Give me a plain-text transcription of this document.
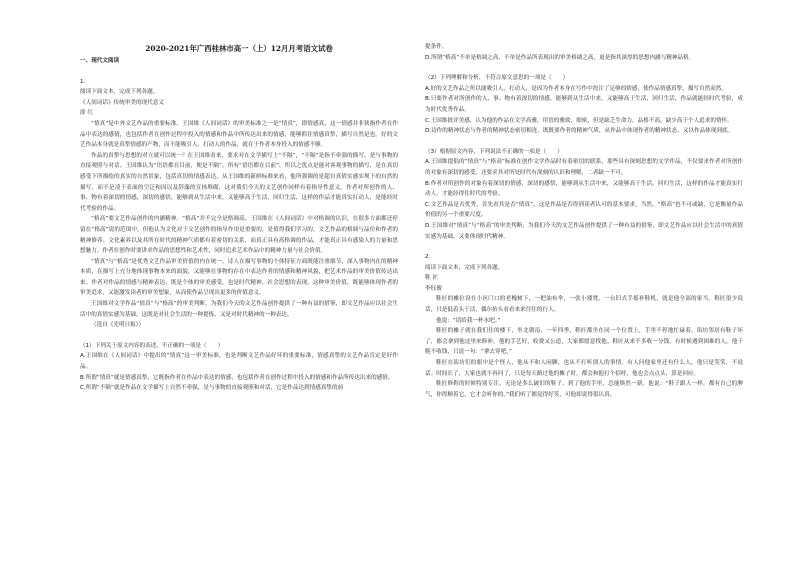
2020-2021年广西桂林市高一（上）12月月考语文试卷

一、现代文阅读

1.

阅读下面文本，完成下列各题。

《人间词话》传统审美的现代意义

薛 红

“情真”是中外文艺作品的重要标准。王国维《人间词话》的审美标准之一是“情真”，即情感真。这一情感并非狭指作者在作品中表达的感情，也包括作者在创作过程中投入的情感和作品中所传达出来的情感，能够抓住情感真挚，描写自然是也。好的文艺作品本身就是真挚情感的产物，而不能吸引人、打动人的作品，就在于作者本身投入的情感不够。

作品的真挚与思想的对立就可以统一？在王国维看来，要求对在文学描写上“不隔”，“不隔”是指不牵强的描写，是与事物的直接观照与对话。王国维认为“语语都在目前，便是不隔”，所有“语语都在目前”，所以之优点是能对客观事物的描写，是在真切感受下所描绘的真实的自然景象，包括真切的情感表达，从王国维的新鲜标准来看，他所强调的是超自真情实感实现下的自然的描写，而不是凌于表面的空泛和因以及辞藻的宣扬堆砌，这对我们今天的文艺创作同样有着指导性意义。作者对所创作的人、事、物有着深切的情感，深切的感悟，能够到从生活中来，又能够高于生活，回归生活，这样的作品才能真实打动人，是能经时代考验的作品。

“格高”要文艺作品创作的内涵精神。“格高”并不完全是格调高，王国维在《人间词话》中对格调的认识，在很多方面都还停留在“格高”说的范围中，但他认为文化对于文艺创作的指导作用是重要的，是值得我们学习的，文艺作品的格调与品位和作者的精神修养、文化素养以及其所在时代的精神气质都有着密切的关系，而真正具有高格调的作品，才能真正具有感染人的力量和思想魅力。作者在创作时要讲求作品的思想性和艺术性，同时追求艺术作品中的精神力量与社会价值。

“情真”与“格高”是优秀文艺作品审美价值的内在统一。诗人在描写事物的个体特征方面既能注重细节，深入事物内在的精神本质，在描写上充分地体现事物本来的面貌，又能够在事物的存在中表达作者的情感和精神风貌，把艺术作品的审美价值传达出来。作者对作品的情感与精神表达，既是个体的审美感受，也是时代精神、社会思想的表现。这种审美价值，既能够体现作者的审美追求，又能激发读者的审美想象，从而使作品呈现出更多的价值意义。

王国维对文学作品“情真”与“格高”的审美判断，为我们今天的文艺作品创作提供了一种有益的借鉴，即文艺作品应以社会生活中的真情实感为基础，这既是对社会生活的一种提炼，又是对时代精神的一种表达。

（选自《光明日报》）

（1）下列关于原文内容的表述，不正确的一项是（　　）

A.王国维在《人间词话》中提出的“情真”这一审美标准，也是判断文艺作品好坏的重要标准，情感真挚的文艺作品肯定是好作品。

B.所谓“情真”就是情感真挚，它既指作者在作品中表达的情感，也包括作者在创作过程中投入的情感和作品所传达出来的感情。

C.所谓“不隔”就是作品在文学描写上自然不牵强，是与事物的直接观照和对话，它是作品达到情感真挚的前

提条件。

D.所谓“格高”不单是格调之高，不单是作品所表现出的审美格调之高，更是指其深厚的思想内涵与精神品格。

（2）下列理解和分析，不符合原文意思的一项是（　　）

A.好的文艺作品之所以能吸引人，打动人，是因为作者本身在写作中投注了足够的情感，使作品情感真挚，描写自然而然。

B.只要作者对所创作的人、事、物有着深切的情感，能够到从生活中来，又能够高于生活，回归生活，作品就能经时代考验，成为时代优秀作品。

C.王国维批评美感，认为他的作品在文学高雅，用语的雅致，细密，但是缺乏生命力，品格不高，缺少高于个人追求的情怀。

D.诗作的精神状态与作者的精神状态密切相连，既既要作者的精神气质，从作品中体现作者的精神状态，又以作品体现到底。

（3）根据原文内容，下列说法不正确的一项是（　　）

A.王国维提倡的“情真”与“格高”标准在创作文学作品时有着密切的联系，那些具有深刻思想的文学作品，不仅要求作者对所创作的对象有深切的感受，还要求其对所处时代有深刻的认识和理解，二者缺一不可。

B.作者对所创作的对象有着深切的情感，深切的感悟，能够到从生活中来，又能够高于生活，回归生活，这样的作品才能真实打动人，才能经得住时代的考验。

C.文艺作品是否优秀，首先看其是否“情真”，这是作品是否得到读者认可的基本要求，当然，“格高”也不可或缺，它是衡量作品价值的另一个重要尺度。

D.王国维对“情真”与“格高”的审美判断，为我们今天的文艺作品创作提供了一种有益的借鉴，即文艺作品应以社会生活中的真情实感为基础，又要体现时代精神。

2.

阅读下面文本，完成下列各题。

鞋 匠

李钰俊

鞋匠的摊位设在小区门口的老槐树下，一把油布伞，一张小矮凳，一台旧式手摇补鞋机，就是他全部的家当。鞋匠很少说话，只是低着头干活，偶尔抬头看看来来往往的行人。

他说：“请给我一杯水吧。”

鞋匠的摊子就在我们住的楼下，坐北朝南，一年四季，鞋匠都坐在同一个位置上，手里不停地忙碌着。街坊邻居有鞋子坏了，都会拿到他这里来修补，他的手艺好，收费又公道，大家都愿意找他。鞋匠从来不多收一分钱，有时候遇到困难的人，他干脆不收钱，只说一句：“拿去穿吧。”

鞋匠在街坊们的眼中是个怪人，他从不和人闲聊，也从不打听别人的事情。有人问他家里还有什么人，他只是笑笑，不说话。时间长了，大家也就不再问了，只是每天路过他的摊子时，都会和他打个招呼，他也会点点头，算是回应。

鞋匠修鞋的时候特别专注，无论是多么破旧的鞋子，到了他的手里，总能焕然一新。他说：“鞋子跟人一样，都有自己的脾气，你得顺着它，它才会听你的。”我们听了都觉得好笑，可他却说得很认真。
